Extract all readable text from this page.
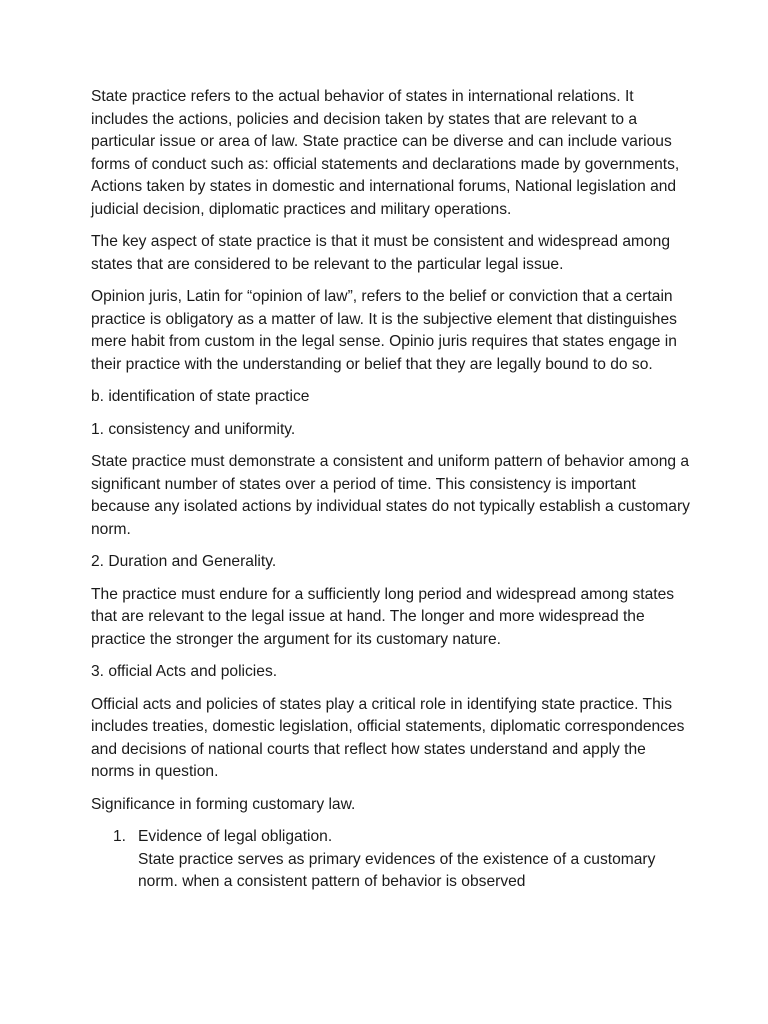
State practice refers to the actual behavior of states in international relations. It includes the actions, policies and decision taken by states that are relevant to a particular issue or area of law. State practice can be diverse and can include various forms of conduct such as: official statements and declarations made by governments, Actions taken by states in domestic and international forums, National legislation and judicial decision, diplomatic practices and military operations.

The key aspect of state practice is that it must be consistent and widespread among states that are considered to be relevant to the particular legal issue.

Opinion juris, Latin for “opinion of law”, refers to the belief or conviction that a certain practice is obligatory as a matter of law. It is the subjective element that distinguishes mere habit from custom in the legal sense. Opinio juris requires that states engage in their practice with the understanding or belief that they are legally bound to do so.

b. identification of state practice

1. consistency and uniformity.

State practice must demonstrate a consistent and uniform pattern of behavior among a significant number of states over a period of time. This consistency is important because any isolated actions by individual states do not typically establish a customary norm.

2. Duration and Generality.

The practice must endure for a sufficiently long period and widespread among states that are relevant to the legal issue at hand. The longer and more widespread the practice the stronger the argument for its customary nature.

3. official Acts and policies.

Official acts and policies of states play a critical role in identifying state practice. This includes treaties, domestic legislation, official statements, diplomatic correspondences and decisions of national courts that reflect how states understand and apply the norms in question.

Significance in forming customary law.

1. Evidence of legal obligation.
State practice serves as primary evidences of the existence of a customary norm. when a consistent pattern of behavior is observed
